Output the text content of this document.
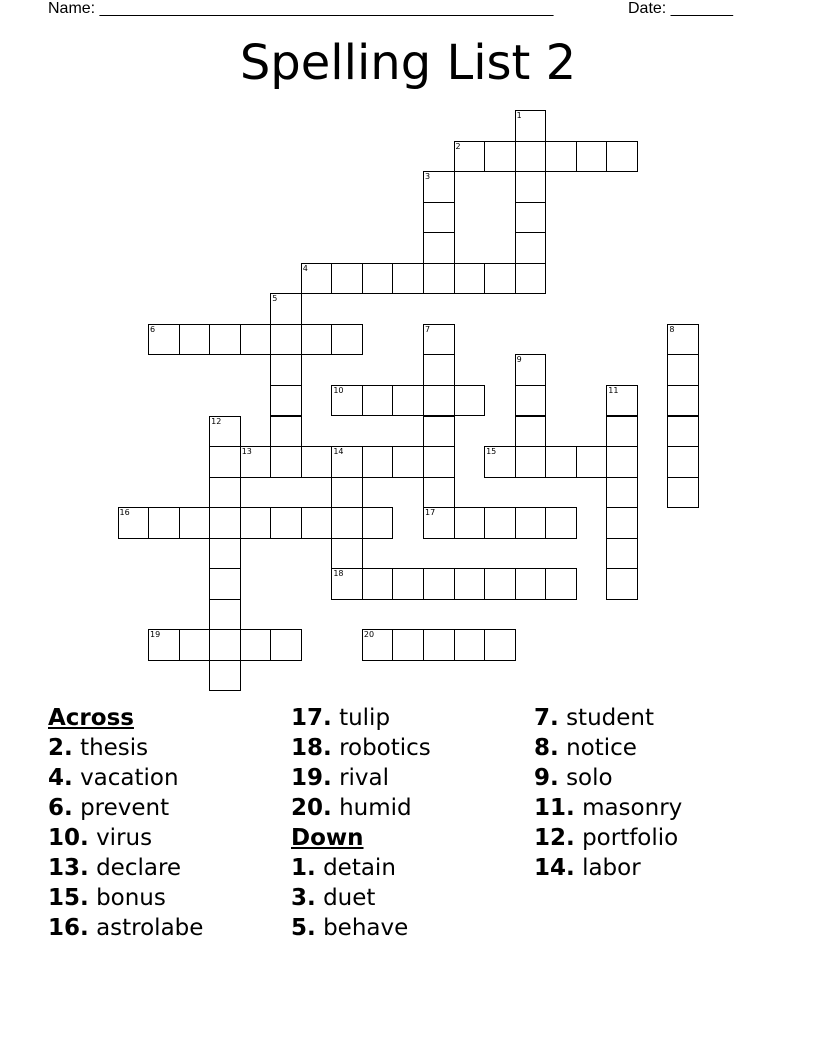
Name: ___________________________________________________	Date: _______
Spelling List 2
1
2
3
4
5
6	7
17
8
9
10	11
12
13	14
18
15
16
19	20
Across
2. thesis
4. vacation
6. prevent
10. virus
13. declare
15. bonus
16. astrolabe
17. tulip
18. robotics
19. rival
20. humid
Down
1. detain
3. duet
5. behave
7. student
8. notice
9. solo
11. masonry
12. portfolio
14. labor
